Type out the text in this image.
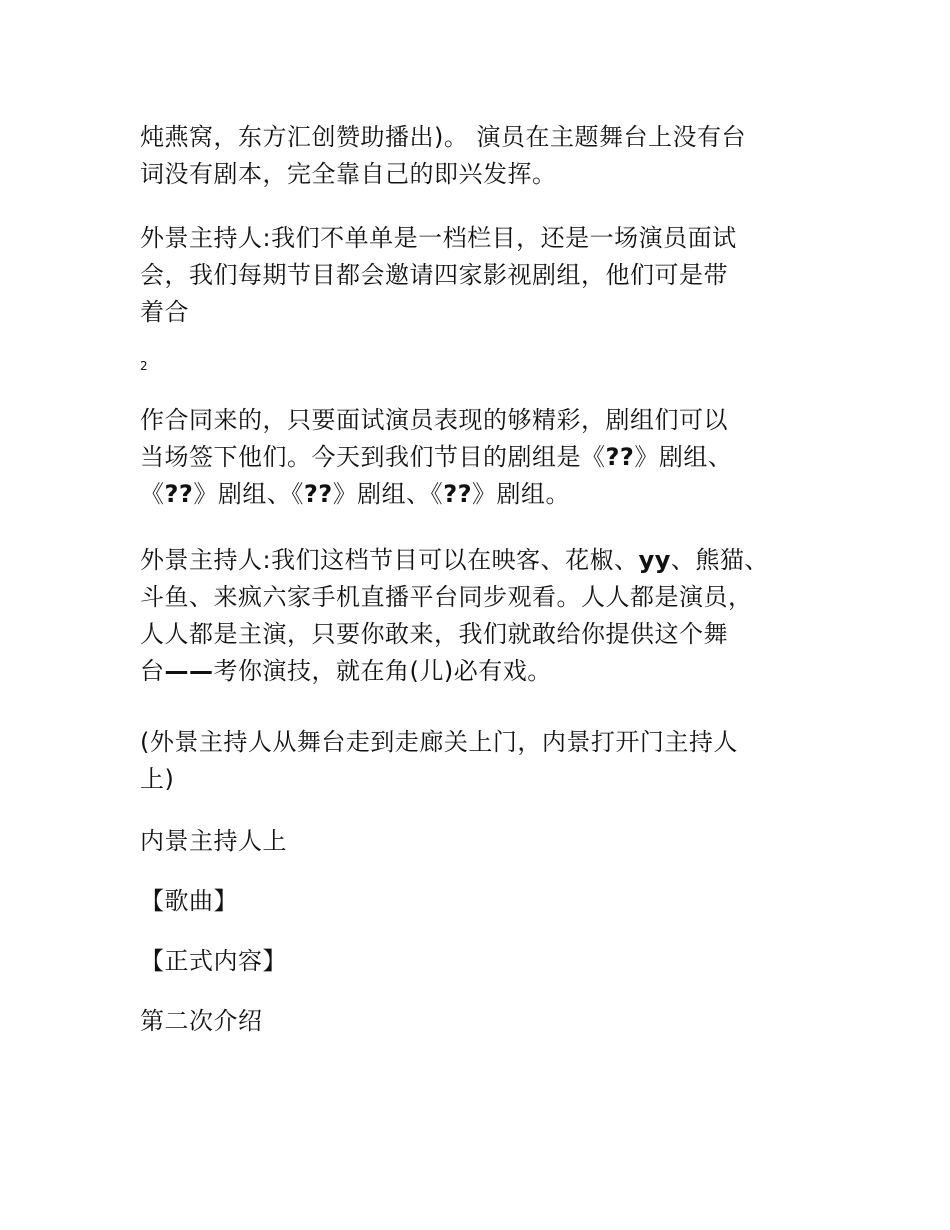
炖燕窝，东方汇创赞助播出)。 演员在主题舞台上没有台
词没有剧本，完全靠自己的即兴发挥。

外景主持人:我们不单单是一档栏目，还是一场演员面试
会，我们每期节目都会邀请四家影视剧组，他们可是带
着合

2

作合同来的，只要面试演员表现的够精彩，剧组们可以
当场签下他们。今天到我们节目的剧组是《??》剧组、
《??》剧组、《??》剧组、《??》剧组。

外景主持人:我们这档节目可以在映客、花椒、yy、熊猫、
斗鱼、来疯六家手机直播平台同步观看。人人都是演员，
人人都是主演，只要你敢来，我们就敢给你提供这个舞
台——考你演技，就在角(儿)必有戏。

(外景主持人从舞台走到走廊关上门，内景打开门主持人
上)

内景主持人上

【歌曲】

【正式内容】

第二次介绍
